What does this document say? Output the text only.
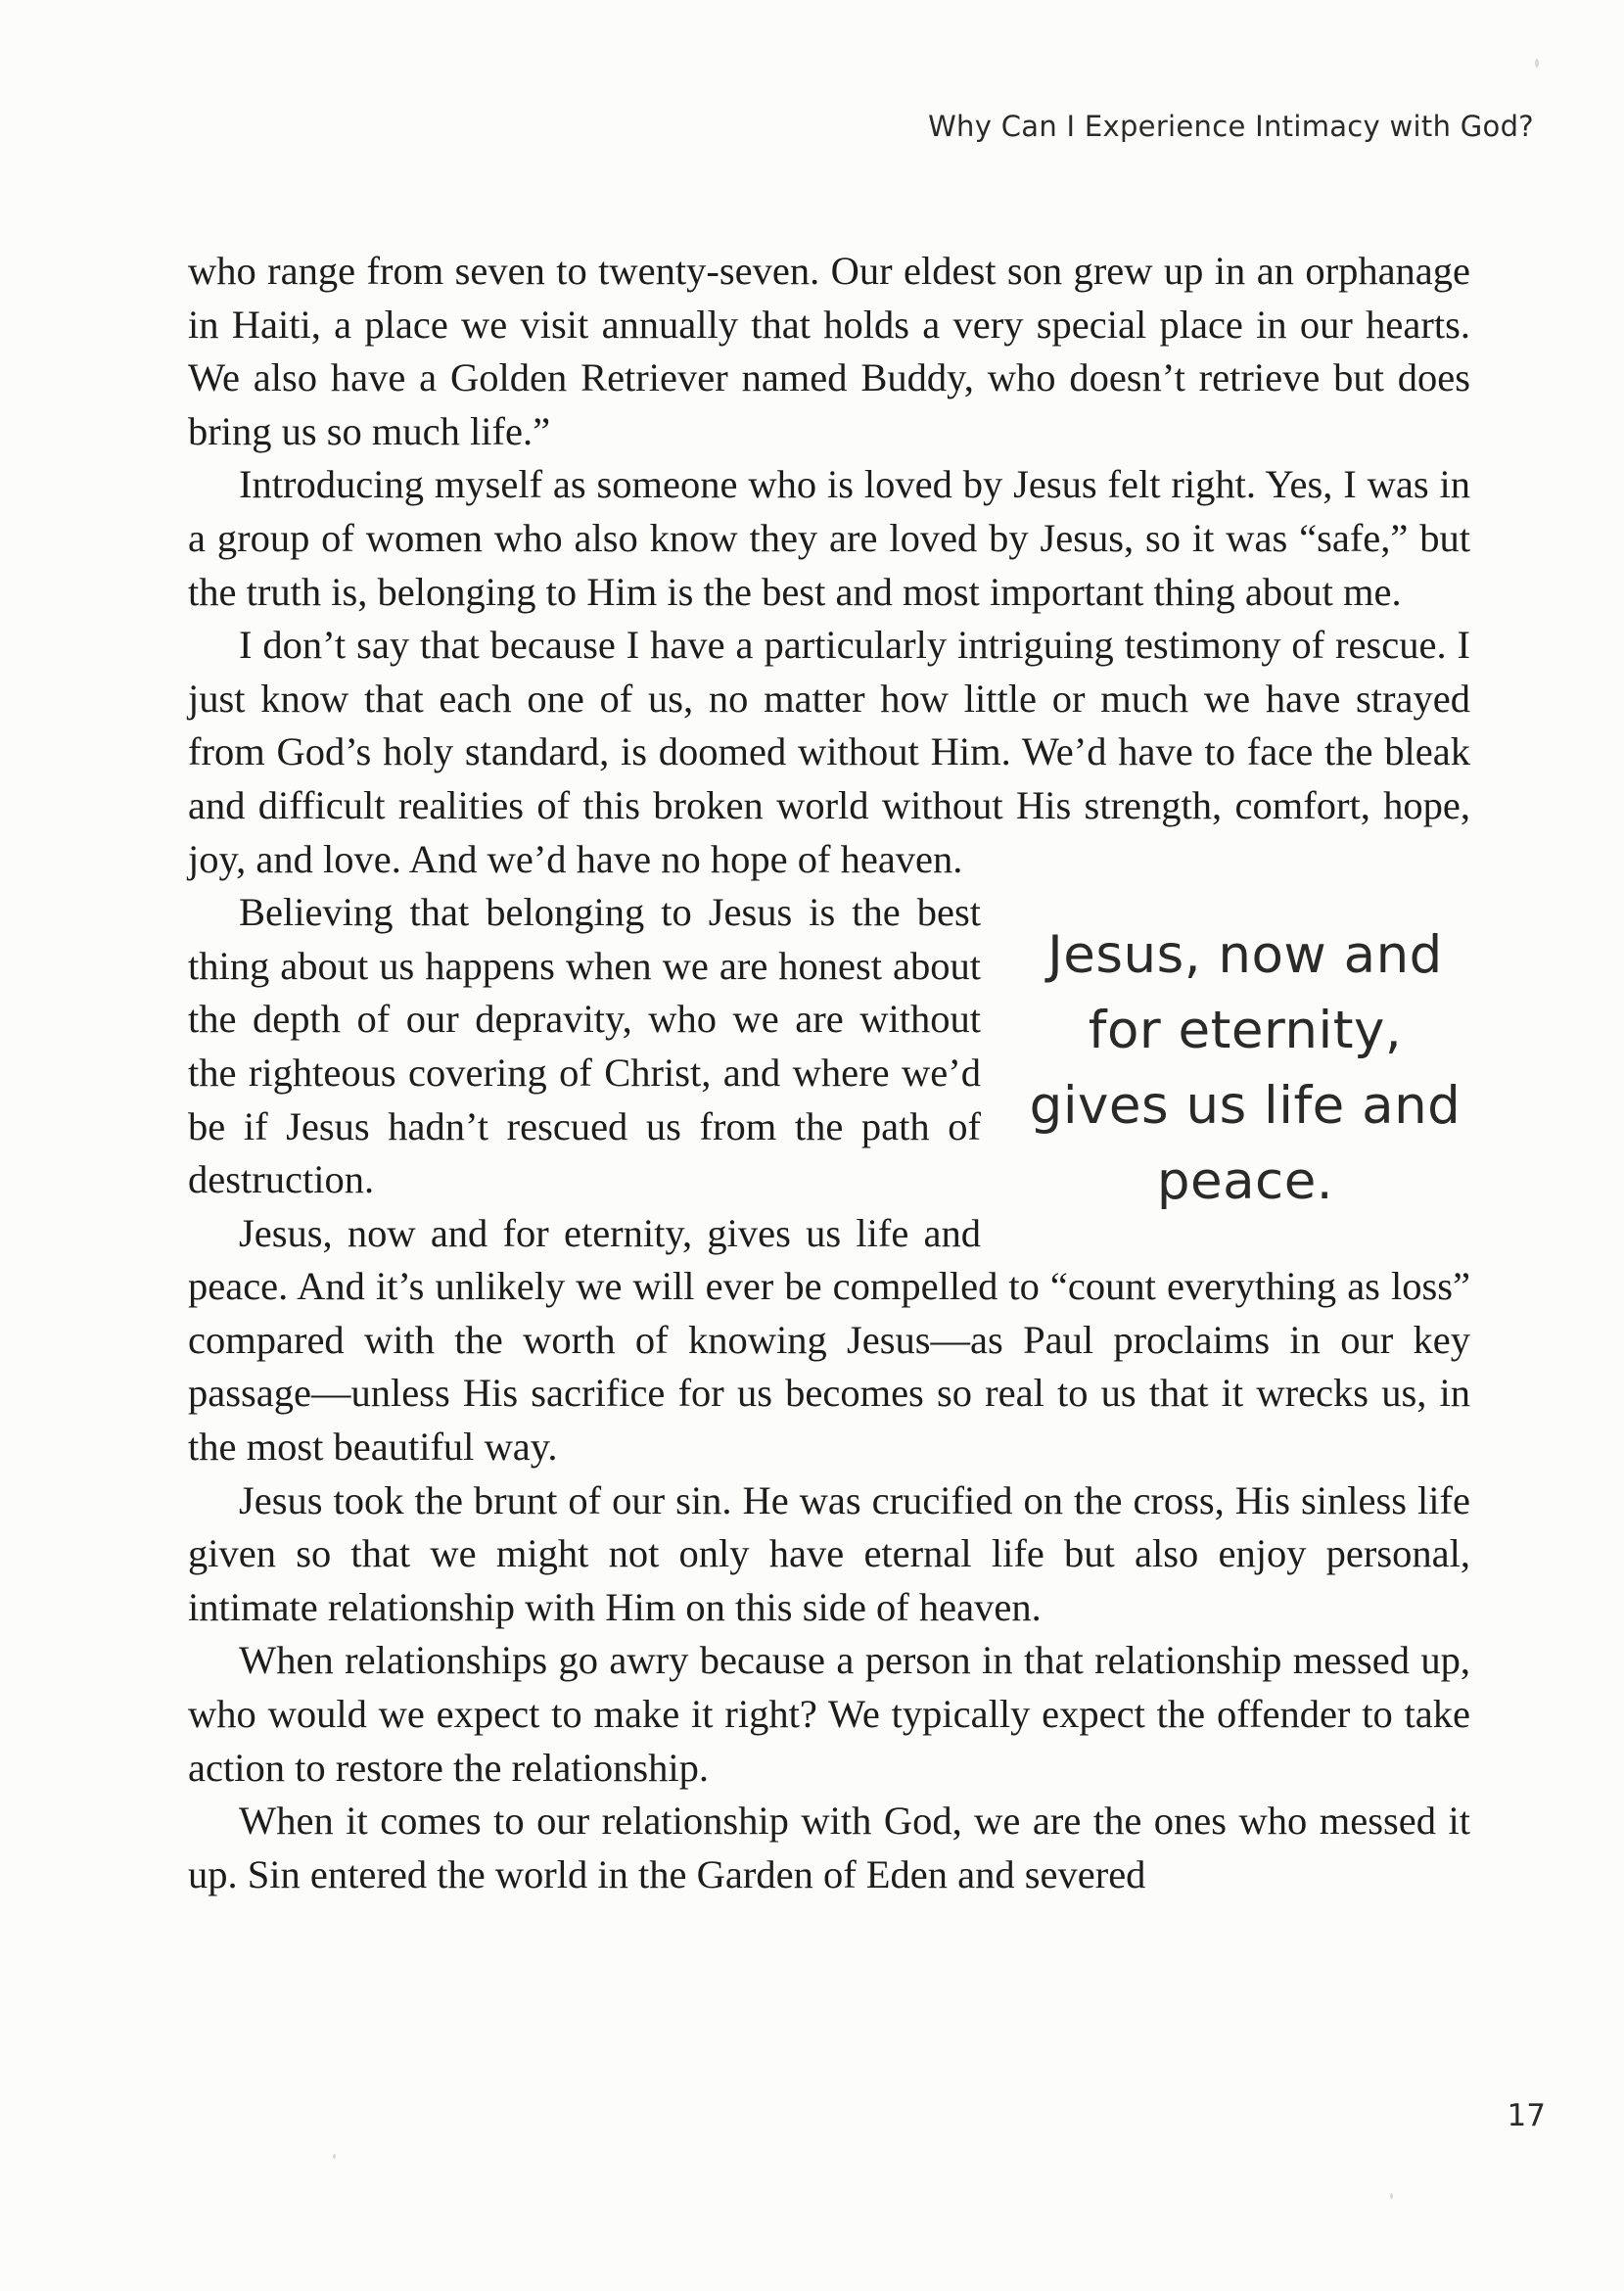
Why Can I Experience Intimacy with God?

who range from seven to twenty-seven. Our eldest son grew up in an orphanage in Haiti, a place we visit annually that holds a very special place in our hearts. We also have a Golden Retriever named Buddy, who doesn’t retrieve but does bring us so much life.”

Introducing myself as someone who is loved by Jesus felt right. Yes, I was in a group of women who also know they are loved by Jesus, so it was “safe,” but the truth is, belonging to Him is the best and most important thing about me.

I don’t say that because I have a particularly intriguing testimony of rescue. I just know that each one of us, no matter how little or much we have strayed from God’s holy standard, is doomed without Him. We’d have to face the bleak and difficult realities of this broken world without His strength, comfort, hope, joy, and love. And we’d have no hope of heaven.

Jesus, now and for eternity, gives us life and peace.

Believing that belonging to Jesus is the best thing about us happens when we are honest about the depth of our depravity, who we are without the righteous covering of Christ, and where we’d be if Jesus hadn’t rescued us from the path of destruction.

Jesus, now and for eternity, gives us life and peace. And it’s unlikely we will ever be compelled to “count everything as loss” compared with the worth of knowing Jesus—as Paul proclaims in our key passage—unless His sacrifice for us becomes so real to us that it wrecks us, in the most beautiful way.

Jesus took the brunt of our sin. He was crucified on the cross, His sinless life given so that we might not only have eternal life but also enjoy personal, intimate relationship with Him on this side of heaven.

When relationships go awry because a person in that relationship messed up, who would we expect to make it right? We typically expect the offender to take action to restore the relationship.

When it comes to our relationship with God, we are the ones who messed it up. Sin entered the world in the Garden of Eden and severed

17
